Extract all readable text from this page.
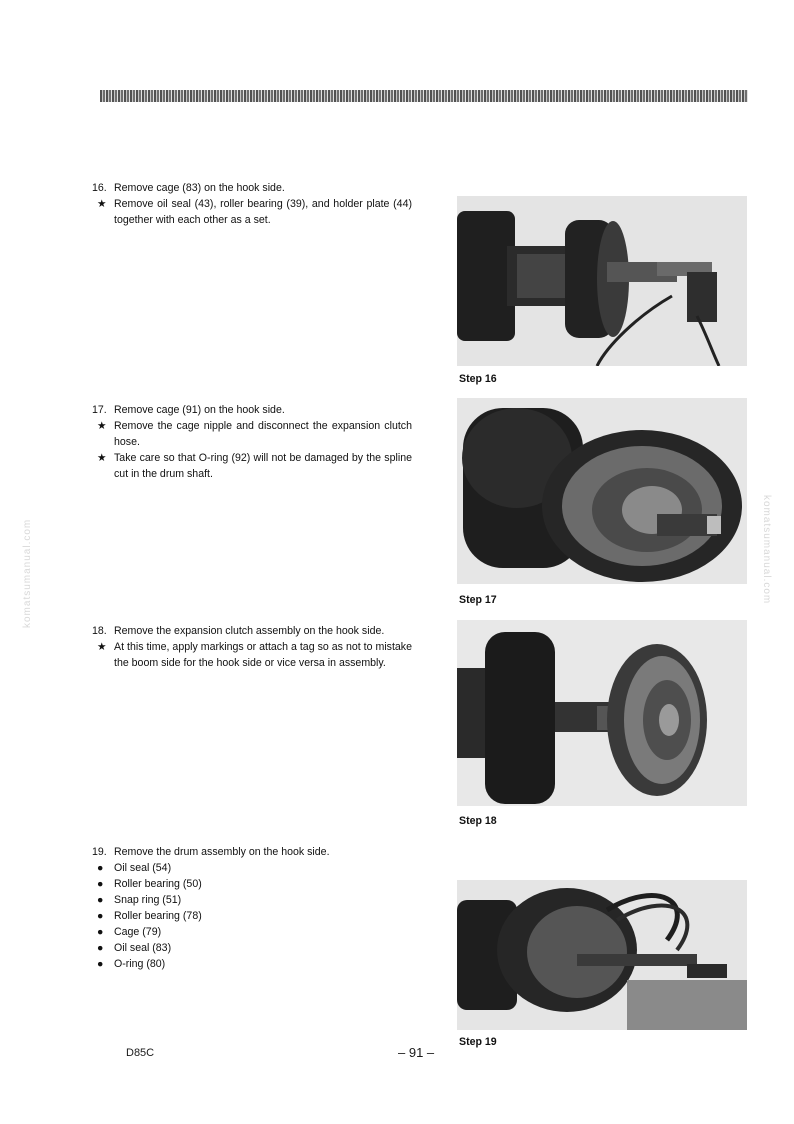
komatsumanual.com	komatsumanual.com
16. Remove cage (83) on the hook side.
★ Remove oil seal (43), roller bearing (39), and holder plate (44) together with each other as a set.
17. Remove cage (91) on the hook side.
★ Remove the cage nipple and disconnect the expansion clutch hose.
★ Take care so that O-ring (92) will not be damaged by the spline cut in the drum shaft.
18. Remove the expansion clutch assembly on the hook side.
★ At this time, apply markings or attach a tag so as not to mistake the boom side for the hook side or vice versa in assembly.
19. Remove the drum assembly on the hook side.
● Oil seal (54)
● Roller bearing (50)
● Snap ring (51)
● Roller bearing (78)
● Cage (79)
● Oil seal (83)
● O-ring (80)
Step 16
Step 17
Step 18
Step 19
D85C	– 91 –
